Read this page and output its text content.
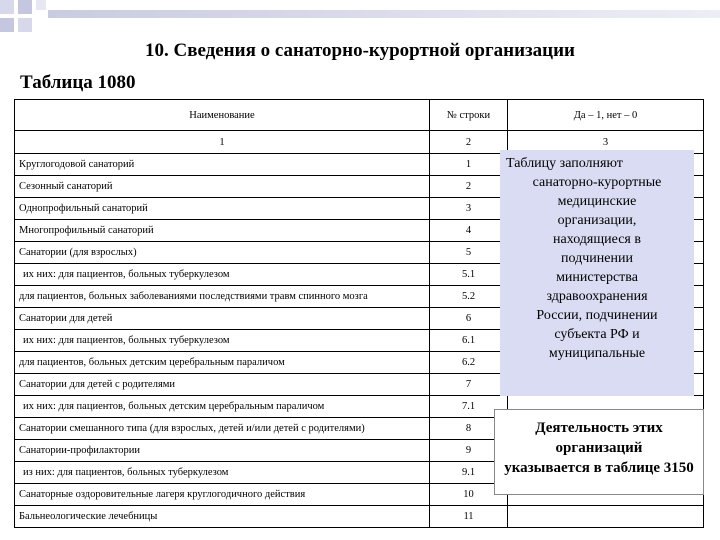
10. Сведения о санаторно-курортной организации
Таблица 1080
Наименование	№ строки	Да – 1, нет – 0
1	2	3
Круглогодовой санаторий	1	
Сезонный санаторий	2	
Однопрофильный санаторий	3	
Многопрофильный санаторий	4	
Санатории (для взрослых)	5	
их них: для пациентов, больных туберкулезом	5.1	
для пациентов, больных заболеваниями последствиями травм спинного мозга	5.2	
Санатории для детей	6	
их них: для пациентов, больных туберкулезом	6.1	
для пациентов, больных детским церебральным параличом	6.2	
Санатории для детей с родителями	7	
их них: для пациентов, больных детским церебральным параличом	7.1	
Санатории смешанного типа (для взрослых, детей и/или детей с родителями)	8	
Санатории-профилактории	9	
из них: для пациентов, больных туберкулезом	9.1	
Санаторные оздоровительные лагеря круглогодичного действия	10	
Бальнеологические лечебницы	11	
Таблицу заполняют
санаторно-курортные
медицинские
организации,
находящиеся в
подчинении
министерства
здравоохранения
России, подчинении
субъекта РФ и
муниципальные
Деятельность этих
организаций
указывается в таблице 3150
